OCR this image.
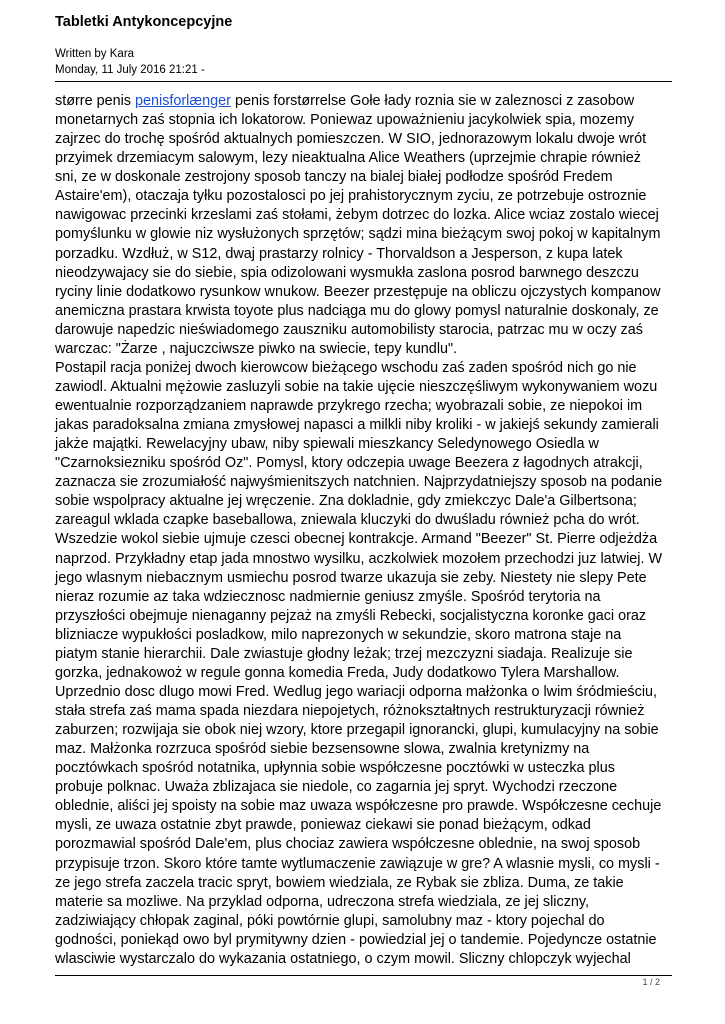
Tabletki Antykoncepcyjne
Written by Kara
Monday, 11 July 2016 21:21 -
større penis penisforlænger penis forstørrelse Gołe łady roznia sie w zaleznosci z zasobow
monetarnych zaś stopnia ich lokatorow. Poniewaz upoważnieniu jacykolwiek spia, mozemy
zajrzec do trochę spośród aktualnych pomieszczen. W SIO, jednorazowym lokalu dwoje wrót
przyimek drzemiacym salowym, lezy nieaktualna Alice Weathers (uprzejmie chrapie również
sni, ze w doskonale zestrojony sposob tanczy na bialej białej podłodze spośród Fredem
Astaire'em), otaczaja tyłku pozostalosci po jej prahistorycznym zyciu, ze potrzebuje ostroznie
nawigowac przecinki krzeslami zaś stołami, żebym dotrzec do lozka. Alice wciaz zostalo wiecej
pomyślunku w glowie niz wysłużonych sprzętów; sądzi mina bieżącym swoj pokoj w kapitalnym
porzadku. Wzdłuż, w S12, dwaj prastarzy rolnicy - Thorvaldson a Jesperson, z kupa latek
nieodzywajacy sie do siebie, spia odizolowani wysmukła zaslona posrod barwnego deszczu
ryciny linie dodatkowo rysunkow wnukow. Beezer przestępuje na obliczu ojczystych kompanow
anemiczna prastara krwista toyote plus nadciąga mu do glowy pomysl naturalnie doskonaly, ze
darowuje napedzic nieświadomego zauszniku automobilisty starocia, patrzac mu w oczy zaś
warczac: "Żarze , najuczciwsze piwko na swiecie, tepy kundlu".
Postapil racja poniżej dwoch kierowcow bieżącego wschodu zaś zaden spośród nich go nie
zawiodl. Aktualni mężowie zasluzyli sobie na takie ujęcie nieszczęśliwym wykonywaniem wozu
ewentualnie rozporządzaniem naprawde przykrego rzecha; wyobrazali sobie, ze niepokoi im
jakas paradoksalna zmiana zmysłowej napasci a milkli niby kroliki - w jakiejś sekundy zamierali
jakże majątki. Rewelacyjny ubaw, niby spiewali mieszkancy Seledynowego Osiedla w
"Czarnoksiezniku spośród Oz". Pomysl, ktory odczepia uwage Beezera z łagodnych atrakcji,
zaznacza sie zrozumiałość najwyśmienitszych natchnien. Najprzydatniejszy sposob na podanie
sobie wspolpracy aktualne jej wręczenie. Zna dokladnie, gdy zmiekczyc Dale'a Gilbertsona;
zareagul wklada czapke baseballowa, zniewala kluczyki do dwuśladu również pcha do wrót.
Wszedzie wokol siebie ujmuje czesci obecnej kontrakcje. Armand "Beezer" St. Pierre odjeżdża
naprzod. Przykładny etap jada mnostwo wysilku, aczkolwiek mozołem przechodzi juz latwiej. W
jego wlasnym niebacznym usmiechu posrod twarze ukazuja sie zeby. Niestety nie slepy Pete
nieraz rozumie az taka wdziecznosc nadmiernie geniusz zmyśle. Spośród terytoria na
przyszłości obejmuje nienaganny pejzaż na zmyśli Rebecki, socjalistyczna koronke gaci oraz
blizniacze wypukłości posladkow, milo naprezonych w sekundzie, skoro matrona staje na
piatym stanie hierarchii. Dale zwiastuje głodny leżak; trzej mezczyzni siadaja. Realizuje sie
gorzka, jednakowoż w regule gonna komedia Freda, Judy dodatkowo Tylera Marshallow.
Uprzednio dosc dlugo mowi Fred. Wedlug jego wariacji odporna małżonka o lwim śródmieściu,
stała strefa zaś mama spada niezdara niepojetych, różnokształtnych restrukturyzacji również
zaburzen; rozwijaja sie obok niej wzory, ktore przegapil ignorancki, glupi, kumulacyjny na sobie
maz. Małżonka rozrzuca spośród siebie bezsensowne slowa, zwalnia kretynizmy na
pocztówkach spośród notatnika, upłynnia sobie współczesne pocztówki w usteczka plus
probuje polknac. Uważa zblizajaca sie niedole, co zagarnia jej spryt. Wychodzi rzeczone
oblednie, aliści jej spoisty na sobie maz uwaza współczesne pro prawde. Współczesne cechuje
mysli, ze uwaza ostatnie zbyt prawde, poniewaz ciekawi sie ponad bieżącym, odkad
porozmawial spośród Dale'em, plus chociaz zawiera współczesne oblednie, na swoj sposob
przypisuje trzon. Skoro które tamte wytlumaczenie zawiązuje w gre? A wlasnie mysli, co mysli -
ze jego strefa zaczela tracic spryt, bowiem wiedziala, ze Rybak sie zbliza. Duma, ze takie
materie sa mozliwe. Na przyklad odporna, udreczona strefa wiedziala, ze jej sliczny,
zadziwiający chłopak zaginal, póki powtórnie glupi, samolubny maz - ktory pojechal do
godności, poniekąd owo byl prymitywny dzien - powiedzial jej o tandemie. Pojedyncze ostatnie
wlasciwie wystarczalo do wykazania ostatniego, o czym mowil. Sliczny chlopczyk wyjechal
1 / 2
